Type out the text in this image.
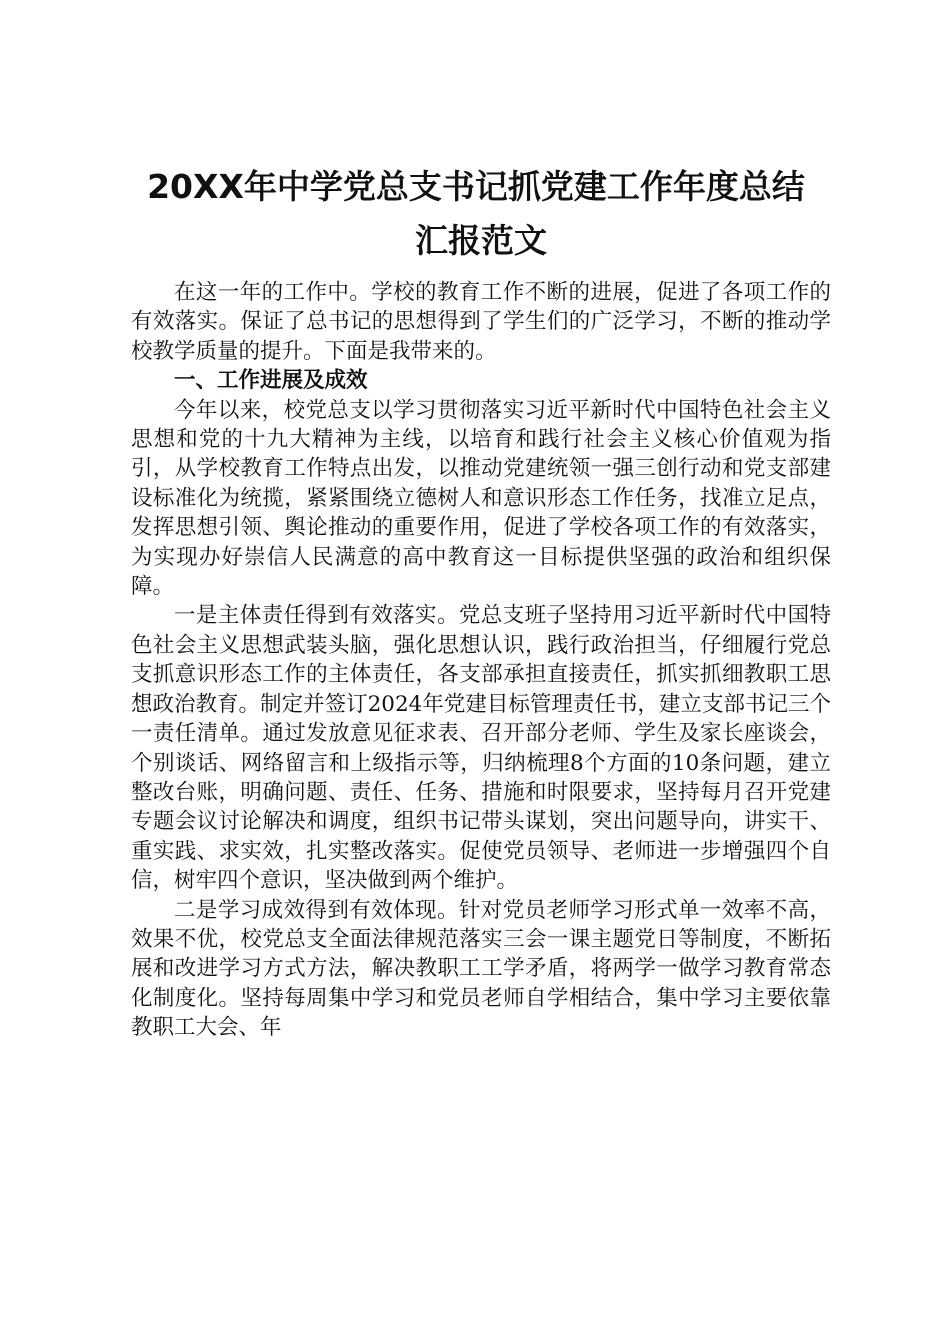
20XX年中学党总支书记抓党建工作年度总结
汇报范文

在这一年的工作中。学校的教育工作不断的进展，促进了各项工作的有效落实。保证了总书记的思想得到了学生们的广泛学习，不断的推动学校教学质量的提升。下面是我带来的。

一、工作进展及成效

今年以来，校党总支以学习贯彻落实习近平新时代中国特色社会主义思想和党的十九大精神为主线，以培育和践行社会主义核心价值观为指引，从学校教育工作特点出发，以推动党建统领一强三创行动和党支部建设标准化为统揽，紧紧围绕立德树人和意识形态工作任务，找准立足点，发挥思想引领、舆论推动的重要作用，促进了学校各项工作的有效落实，为实现办好崇信人民满意的高中教育这一目标提供坚强的政治和组织保障。

一是主体责任得到有效落实。党总支班子坚持用习近平新时代中国特色社会主义思想武装头脑，强化思想认识，践行政治担当，仔细履行党总支抓意识形态工作的主体责任，各支部承担直接责任，抓实抓细教职工思想政治教育。制定并签订2024年党建目标管理责任书，建立支部书记三个一责任清单。通过发放意见征求表、召开部分老师、学生及家长座谈会，个别谈话、网络留言和上级指示等，归纳梳理8个方面的10条问题，建立整改台账，明确问题、责任、任务、措施和时限要求，坚持每月召开党建专题会议讨论解决和调度，组织书记带头谋划，突出问题导向，讲实干、重实践、求实效，扎实整改落实。促使党员领导、老师进一步增强四个自信，树牢四个意识，坚决做到两个维护。

二是学习成效得到有效体现。针对党员老师学习形式单一效率不高，效果不优，校党总支全面法律规范落实三会一课主题党日等制度，不断拓展和改进学习方式方法，解决教职工工学矛盾，将两学一做学习教育常态化制度化。坚持每周集中学习和党员老师自学相结合，集中学习主要依靠教职工大会、年
